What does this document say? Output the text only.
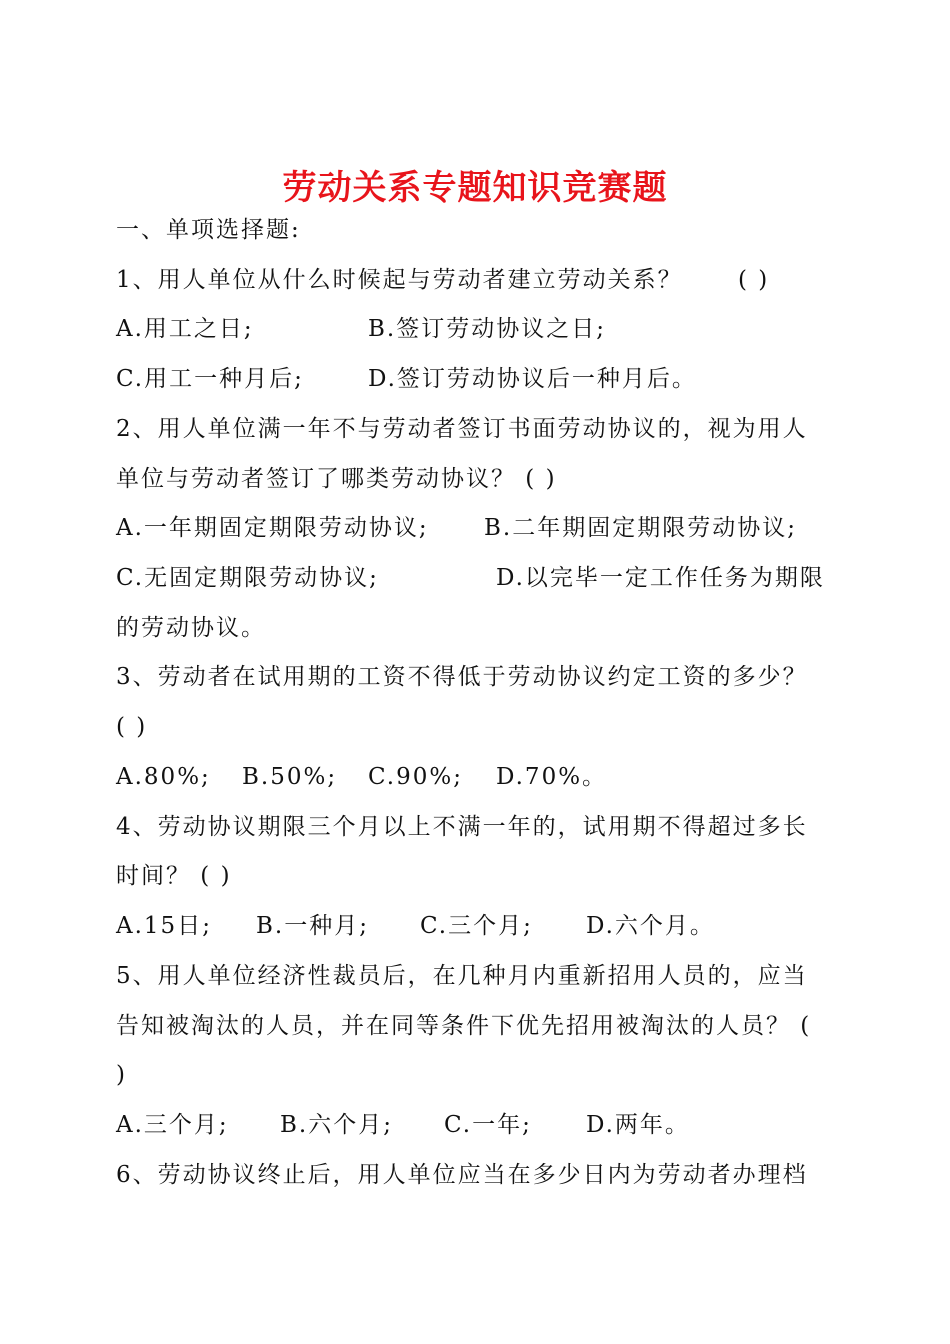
劳动关系专题知识竞赛题
一、单项选择题:
1、用人单位从什么时候起与劳动者建立劳动关系？ ( )
A.用工之日;	B.签订劳动协议之日;
C.用工一种月后;	D.签订劳动协议后一种月后。
2、用人单位满一年不与劳动者签订书面劳动协议的，视为用人
单位与劳动者签订了哪类劳动协议？ ( )
A.一年期固定期限劳动协议; B.二年期固定期限劳动协议;
C.无固定期限劳动协议;	D.以完毕一定工作任务为期限
的劳动协议。
3、劳动者在试用期的工资不得低于劳动协议约定工资的多少？
( )
A.80%; B.50%; C.90%; D.70%。
4、劳动协议期限三个月以上不满一年的，试用期不得超过多长
时间？ ( )
A.15日; B.一种月; C.三个月; D.六个月。
5、用人单位经济性裁员后，在几种月内重新招用人员的，应当
告知被淘汰的人员，并在同等条件下优先招用被淘汰的人员？ (
)
A.三个月; B.六个月; C.一年; D.两年。
6、劳动协议终止后，用人单位应当在多少日内为劳动者办理档
